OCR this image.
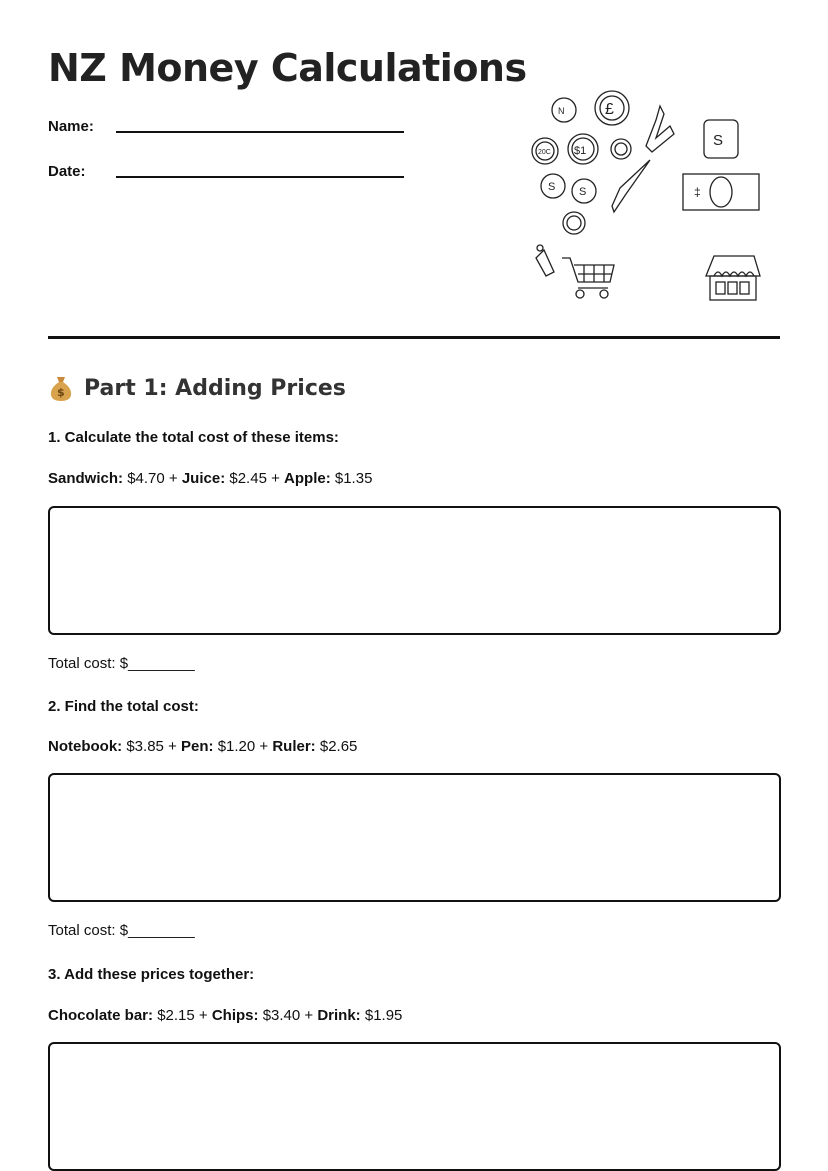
NZ Money Calculations
Name:
Date:
N	£
20C $1
S S
S
‡
$ Part 1: Adding Prices
1. Calculate the total cost of these items:
Sandwich: $4.70 + Juice: $2.45 + Apple: $1.35
Total cost: $________
2. Find the total cost:
Notebook: $3.85 + Pen: $1.20 + Ruler: $2.65
Total cost: $________
3. Add these prices together:
Chocolate bar: $2.15 + Chips: $3.40 + Drink: $1.95
